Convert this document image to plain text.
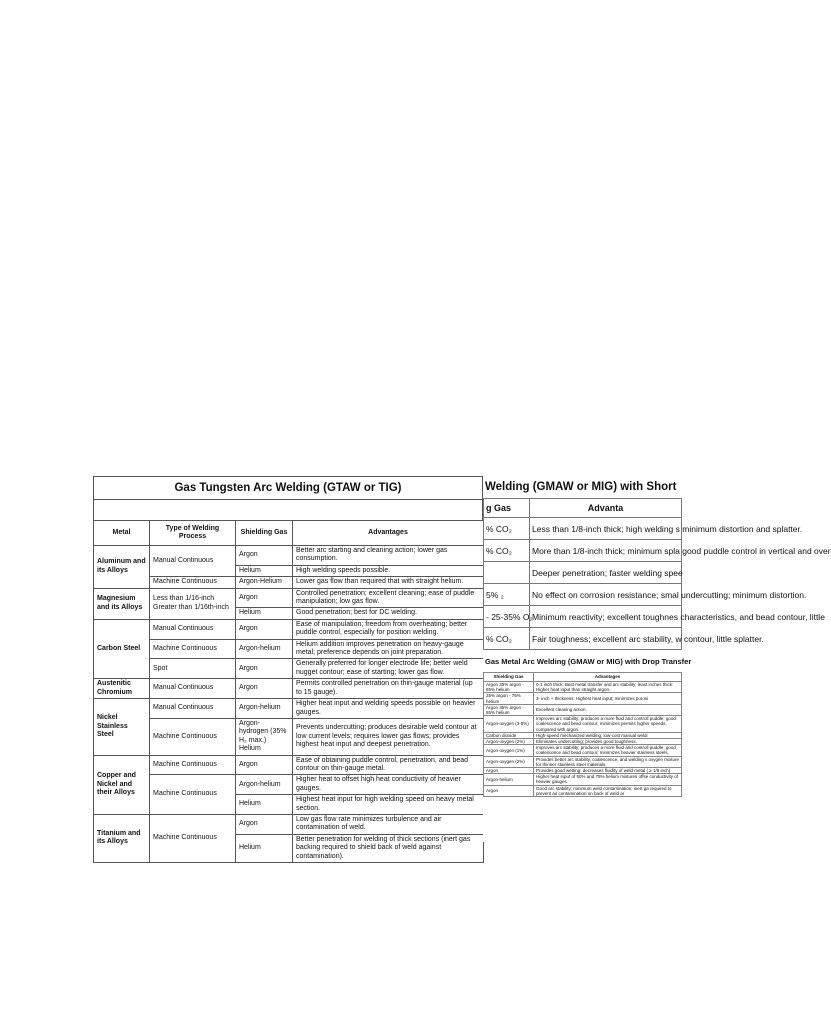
Gas Tungsten Arc Welding (GTAW or TIG)
Metal	Type of Welding Process	Shielding Gas	Advantages
Aluminum and its Alloys	Manual Continuous	Argon	Better arc starting and cleaning action; lower gas consumption.
		Helium	High welding speeds possible.
	Machine Continuous	Argon-Helium	Lower gas flow than required that with straight helium.
Magnesium and its Alloys	Less than 1/16-inch Greater than 1/16th-inch	Argon	Controlled penetration; excellent cleaning; ease of puddle manipulation; low gas flow.
		Helium	Good penetration; best for DC welding.
Carbon Steel	Manual Continuous	Argon	Ease of manipulation; freedom from overheating; better puddle control, especially for position welding.
	Machine Continuous	Argon-helium	Helium addition improves penetration on heavy-gauge metal; preference depends on joint preparation.
	Spot	Argon	Generally preferred for longer electrode life; better weld nugget contour; ease of starting; lower gas flow.
Austenitic Chromium	Manual Continuous	Argon	Permits controlled penetration on thin-gauge material (up to 15 gauge).
Nickel Stainless Steel	Manual Continuous	Argon-helium	Higher heat input and welding speeds possible on heavier gauges.
	Machine Continuous	Argon-hydrogen (35% H₂ max.) Helium	Prevents undercutting; produces desirable weld contour at low current levels; requires lower gas flows; provides highest heat input and deepest penetration.
Copper and Nickel and their Alloys	Machine Continuous	Argon	Ease of obtaining puddle control, penetration, and bead contour on thin-gauge metal.
	Machine Continuous	Argon-helium	Higher heat to offset high heat conductivity of heavier gauges.
		Helium	Highest heat input for high welding speed on heavy metal section.
Titanium and its Alloys	Machine Continuous	Argon	Low gas flow rate minimizes turbulence and air contamination of weld.
		Helium	Better penetration for welding of thick sections (inert gas backing required to shield back of weld against contamination).
Welding (GMAW or MIG) with Short
g Gas	Advanta
% CO₂	Less than 1/8-inch thick; high welding s minimum distortion and splatter.
% CO₂	More than 1/8-inch thick; minimum spla good puddle control in vertical and over
	Deeper penetration; faster welding spee
5% ₂	No effect on corrosion resistance; smal undercutting; minimum distortion.
- 25-35% O₂	Minimum reactivity; excellent toughnes characteristics, and bead contour, little
% CO₂	Fair toughness; excellent arc stability, w contour, little splatter.
Gas Metal Arc Welding (GMAW or MIG) with Drop Transfer
Shielding Gas	Advantages
Argon 35% argon - 65% helium	0-1 inch thick: Best metal transfer and arc stability; least inches thick: Higher heat input than straight argon.
25% argon - 75% helium	3- inch + thickness: Highest heat input; minimizes porosi
Argon 35% argon - 65% helium	Excellent cleaning action.
Argon-oxygen (3-5%)	Improves arc stability; produces a more fluid and controll puddle; good coalescence and bead contour; minimizes permits higher speeds, compared with argon.
Carbon dioxide	High-speed mechanized welding; low-cost manual weldi
Argon-oxygen (2%)	Eliminates undercutting; provides good toughness.
Argon-oxygen (1%)	Improves arc stability; produces a more fluid and controll puddle; good coalescence and bead contour; minimizes heavier stainless steels.
Argon-oxygen (2%)	Provides better arc stability, coalescence, and welding s oxygen mixture for thinner stainless steel materials.
Argon	Provides good wetting; decreases fluidity of weld metal ( ≥ 1/8 inch).
Argon-helium	Higher heat input of 50% and 75% helium mixtures offse conductivity of heavier gauges.
Argon	Good arc stability; minimum weld contamination; inert ga required to prevent air contamination on back of weld ar
